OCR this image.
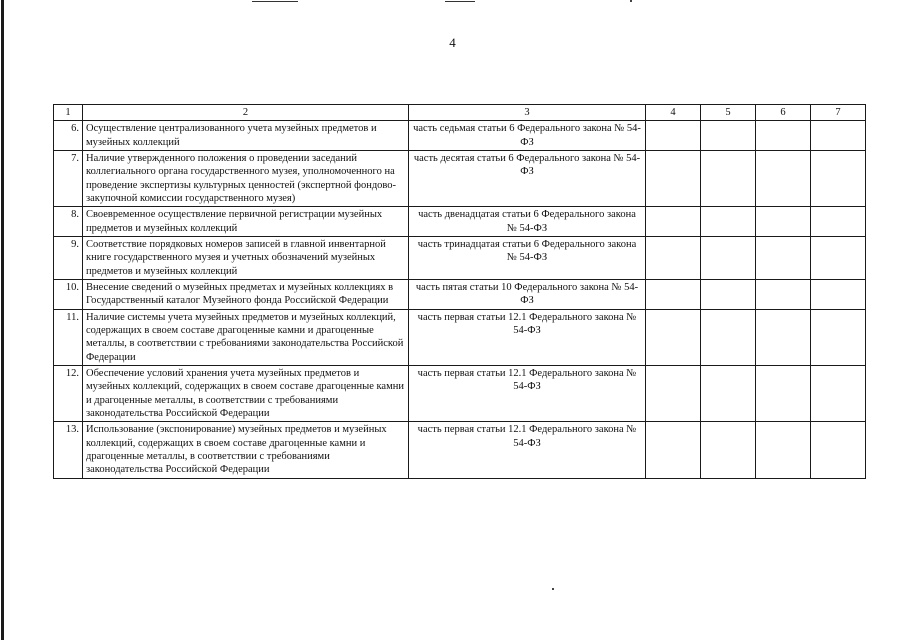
4
1	2	3	4	5	6	7
6.	Осуществление централизованного учета музейных предметов и музейных коллекций	часть седьмая статьи 6 Федерального закона № 54-ФЗ				
7.	Наличие утвержденного положения о проведении заседаний коллегиального органа государственного музея, уполномоченного на проведение экспертизы культурных ценностей (экспертной фондово-закупочной комиссии государственного музея)	часть десятая статьи 6 Федерального закона № 54-ФЗ				
8.	Своевременное осуществление первичной регистрации музейных предметов и музейных коллекций	часть двенадцатая статьи 6 Федерального закона № 54-ФЗ				
9.	Соответствие порядковых номеров записей в главной инвентарной книге государственного музея и учетных обозначений музейных предметов и музейных коллекций	часть тринадцатая статьи 6 Федерального закона № 54-ФЗ				
10.	Внесение сведений о музейных предметах и музейных коллекциях в Государственный каталог Музейного фонда Российской Федерации	часть пятая статьи 10 Федерального закона № 54-ФЗ				
11.	Наличие системы учета музейных предметов и музейных коллекций, содержащих в своем составе драгоценные камни и драгоценные металлы, в соответствии с требованиями законодательства Российской Федерации	часть первая статьи 12.1 Федерального закона № 54-ФЗ				
12.	Обеспечение условий хранения учета музейных предметов и музейных коллекций, содержащих в своем составе драгоценные камни и драгоценные металлы, в соответствии с требованиями законодательства Российской Федерации	часть первая статьи 12.1 Федерального закона № 54-ФЗ				
13.	Использование (экспонирование) музейных предметов и музейных коллекций, содержащих в своем составе драгоценные камни и драгоценные металлы, в соответствии с требованиями законодательства Российской Федерации	часть первая статьи 12.1 Федерального закона № 54-ФЗ				
